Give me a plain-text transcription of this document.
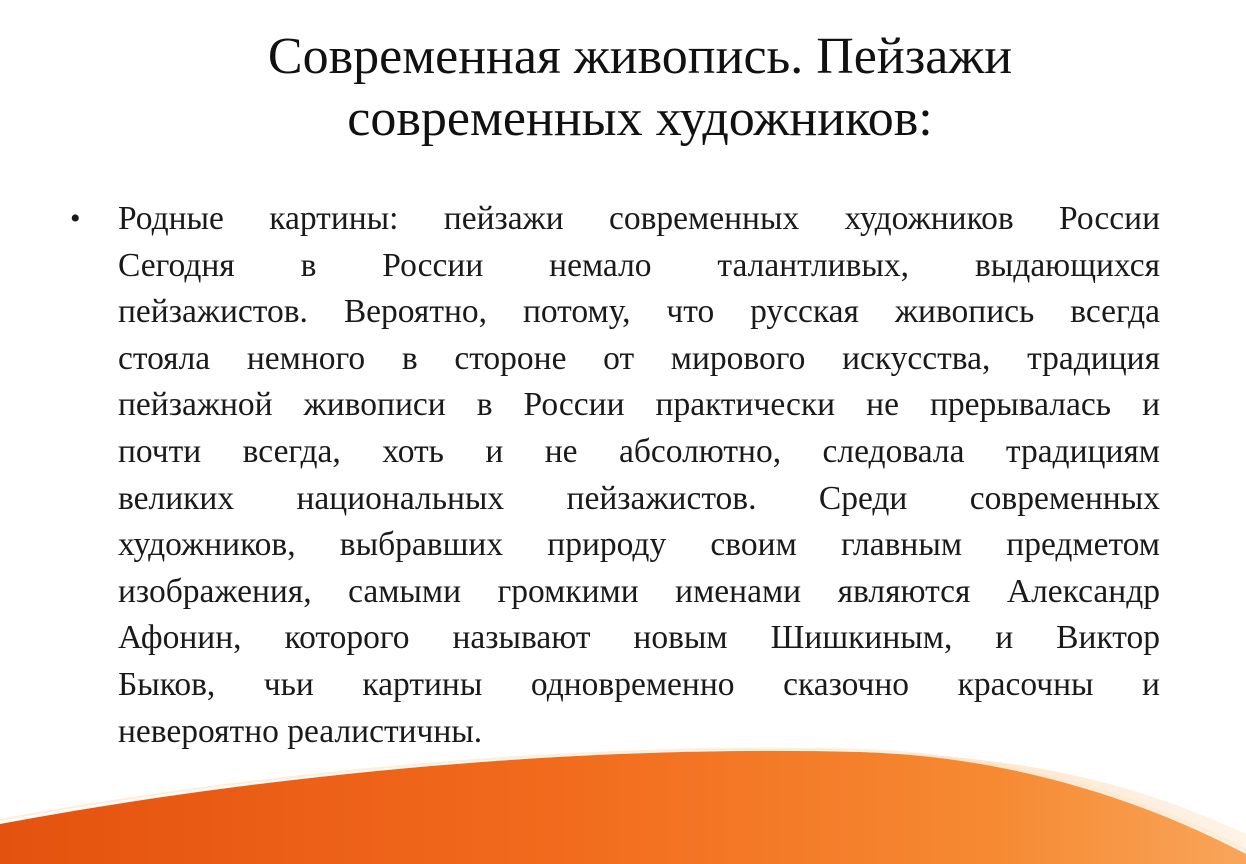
Современная живопись. Пейзажи
современных художников:
• Родные картины: пейзажи современных художников России
Сегодня в России немало талантливых, выдающихся
пейзажистов. Вероятно, потому, что русская живопись всегда
стояла немного в стороне от мирового искусства, традиция
пейзажной живописи в России практически не прерывалась и
почти всегда, хоть и не абсолютно, следовала традициям
великих национальных пейзажистов. Среди современных
художников, выбравших природу своим главным предметом
изображения, самыми громкими именами являются Александр
Афонин, которого называют новым Шишкиным, и Виктор
Быков, чьи картины одновременно сказочно красочны и
невероятно реалистичны.
